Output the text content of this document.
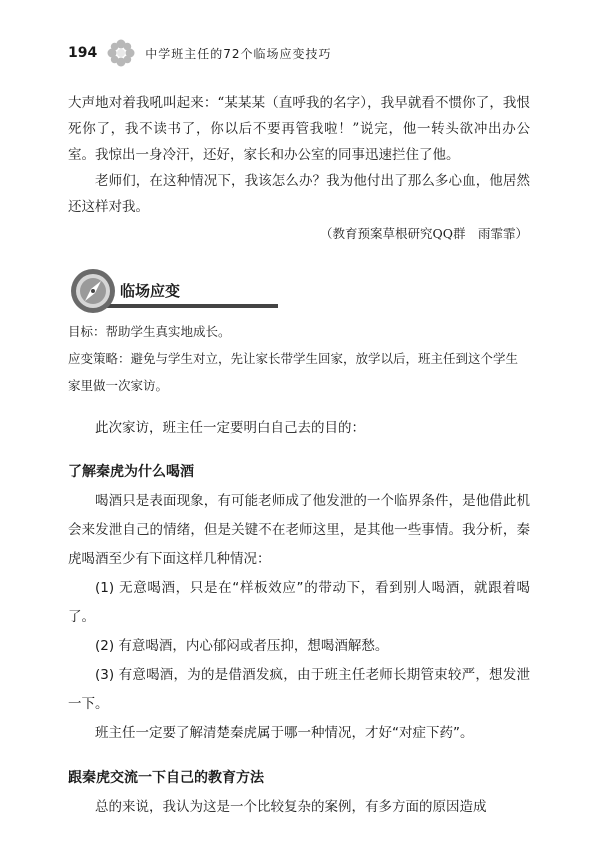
194	中学班主任的72个临场应变技巧

大声地对着我吼叫起来：“某某某（直呼我的名字），我早就看不惯你了，我恨死你了，我不读书了，你以后不要再管我啦！”说完，他一转头欲冲出办公室。我惊出一身冷汗，还好，家长和办公室的同事迅速拦住了他。

老师们，在这种情况下，我该怎么办？我为他付出了那么多心血，他居然还这样对我。

（教育预案草根研究QQ群　雨霏霏）

临场应变

目标：帮助学生真实地成长。

应变策略：避免与学生对立，先让家长带学生回家，放学以后，班主任到这个学生家里做一次家访。

此次家访，班主任一定要明白自己去的目的：

了解秦虎为什么喝酒

喝酒只是表面现象，有可能老师成了他发泄的一个临界条件，是他借此机会来发泄自己的情绪，但是关键不在老师这里，是其他一些事情。我分析，秦虎喝酒至少有下面这样几种情况：

(1) 无意喝酒，只是在“样板效应”的带动下，看到别人喝酒，就跟着喝了。

(2) 有意喝酒，内心郁闷或者压抑，想喝酒解愁。

(3) 有意喝酒，为的是借酒发疯，由于班主任老师长期管束较严，想发泄一下。

班主任一定要了解清楚秦虎属于哪一种情况，才好“对症下药”。

跟秦虎交流一下自己的教育方法

总的来说，我认为这是一个比较复杂的案例，有多方面的原因造成
